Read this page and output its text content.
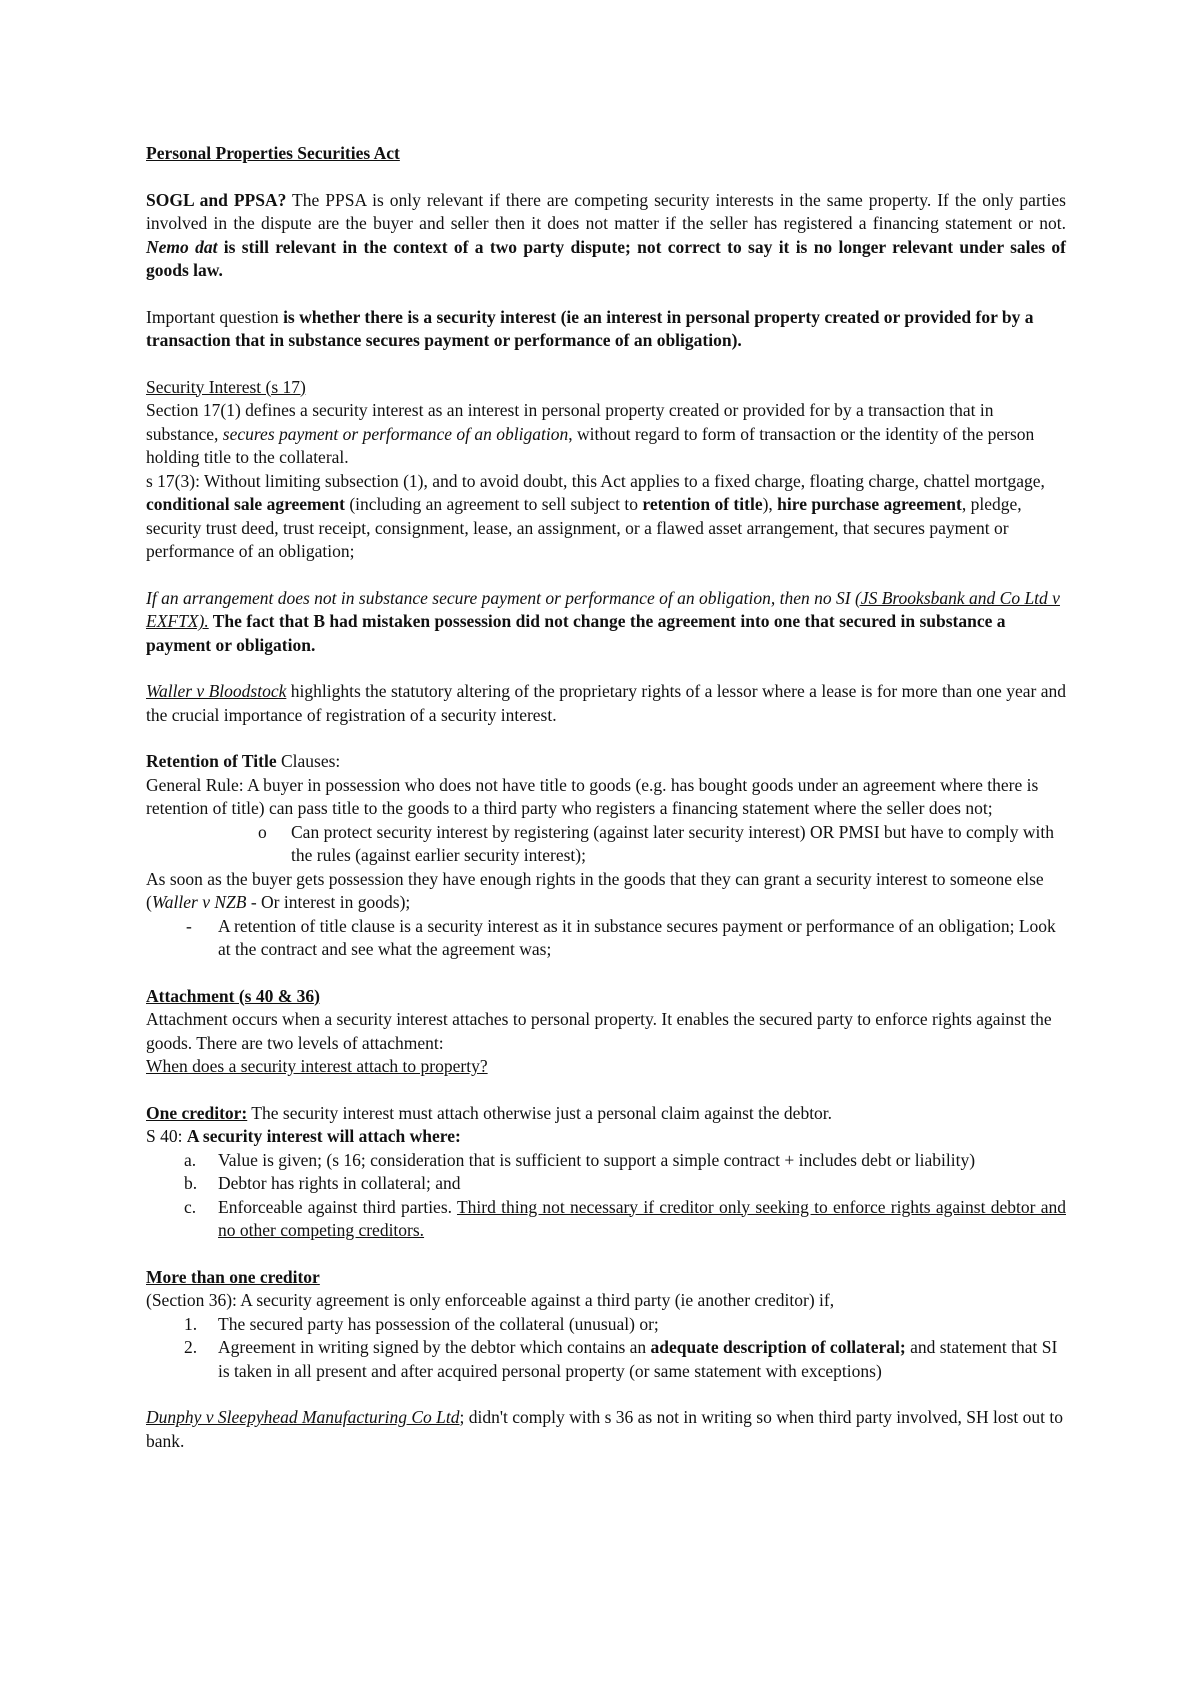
Personal Properties Securities Act

SOGL and PPSA? The PPSA is only relevant if there are competing security interests in the same property. If the only parties involved in the dispute are the buyer and seller then it does not matter if the seller has registered a financing statement or not. Nemo dat is still relevant in the context of a two party dispute; not correct to say it is no longer relevant under sales of goods law.

Important question is whether there is a security interest (ie an interest in personal property created or provided for by a transaction that in substance secures payment or performance of an obligation).

Security Interest (s 17)

Section 17(1) defines a security interest as an interest in personal property created or provided for by a transaction that in substance, secures payment or performance of an obligation, without regard to form of transaction or the identity of the person holding title to the collateral.

s 17(3): Without limiting subsection (1), and to avoid doubt, this Act applies to a fixed charge, floating charge, chattel mortgage, conditional sale agreement (including an agreement to sell subject to retention of title), hire purchase agreement, pledge, security trust deed, trust receipt, consignment, lease, an assignment, or a flawed asset arrangement, that secures payment or performance of an obligation;

If an arrangement does not in substance secure payment or performance of an obligation, then no SI (JS Brooksbank and Co Ltd v EXFTX). The fact that B had mistaken possession did not change the agreement into one that secured in substance a payment or obligation.

Waller v Bloodstock highlights the statutory altering of the proprietary rights of a lessor where a lease is for more than one year and the crucial importance of registration of a security interest.

Retention of Title Clauses:

General Rule: A buyer in possession who does not have title to goods (e.g. has bought goods under an agreement where there is retention of title) can pass title to the goods to a third party who registers a financing statement where the seller does not;

o Can protect security interest by registering (against later security interest) OR PMSI but have to comply with the rules (against earlier security interest);

As soon as the buyer gets possession they have enough rights in the goods that they can grant a security interest to someone else (Waller v NZB - Or interest in goods);

- A retention of title clause is a security interest as it in substance secures payment or performance of an obligation; Look at the contract and see what the agreement was;

Attachment (s 40 & 36)

Attachment occurs when a security interest attaches to personal property. It enables the secured party to enforce rights against the goods. There are two levels of attachment:

When does a security interest attach to property?

One creditor: The security interest must attach otherwise just a personal claim against the debtor.

S 40: A security interest will attach where:

a. Value is given; (s 16; consideration that is sufficient to support a simple contract + includes debt or liability)

b. Debtor has rights in collateral; and

c. Enforceable against third parties. Third thing not necessary if creditor only seeking to enforce rights against debtor and no other competing creditors.

More than one creditor

(Section 36): A security agreement is only enforceable against a third party (ie another creditor) if,

1. The secured party has possession of the collateral (unusual) or;

2. Agreement in writing signed by the debtor which contains an adequate description of collateral; and statement that SI is taken in all present and after acquired personal property (or same statement with exceptions)

Dunphy v Sleepyhead Manufacturing Co Ltd; didn't comply with s 36 as not in writing so when third party involved, SH lost out to bank.
